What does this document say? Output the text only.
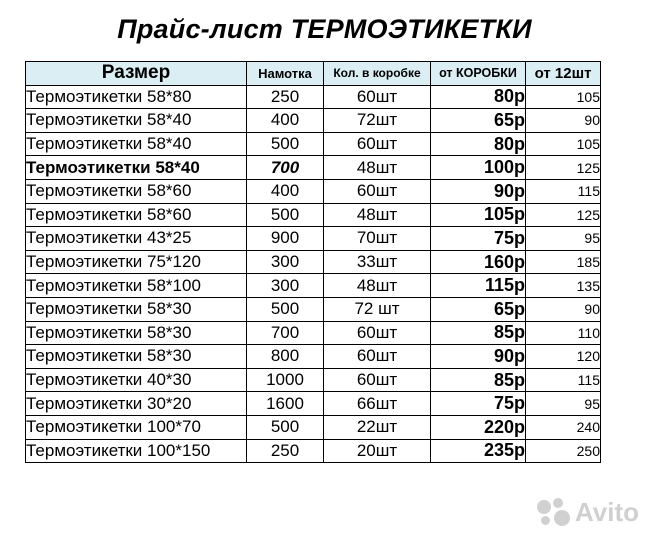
Прайс-лист ТЕРМОЭТИКЕТКИ
Размер	Намотка	Кол. в коробке	от КОРОБКИ	от 12шт
Термоэтикетки 58*80	250	60шт	80р	105
Термоэтикетки 58*40	400	72шт	65р	90
Термоэтикетки 58*40	500	60шт	80р	105
Термоэтикетки 58*40	700	48шт	100р	125
Термоэтикетки 58*60	400	60шт	90р	115
Термоэтикетки 58*60	500	48шт	105р	125
Термоэтикетки 43*25	900	70шт	75р	95
Термоэтикетки 75*120	300	33шт	160р	185
Термоэтикетки 58*100	300	48шт	115р	135
Термоэтикетки 58*30	500	72 шт	65р	90
Термоэтикетки 58*30	700	60шт	85р	110
Термоэтикетки 58*30	800	60шт	90р	120
Термоэтикетки 40*30	1000	60шт	85р	115
Термоэтикетки 30*20	1600	66шт	75р	95
Термоэтикетки 100*70	500	22шт	220р	240
Термоэтикетки 100*150	250	20шт	235р	250
Avito
